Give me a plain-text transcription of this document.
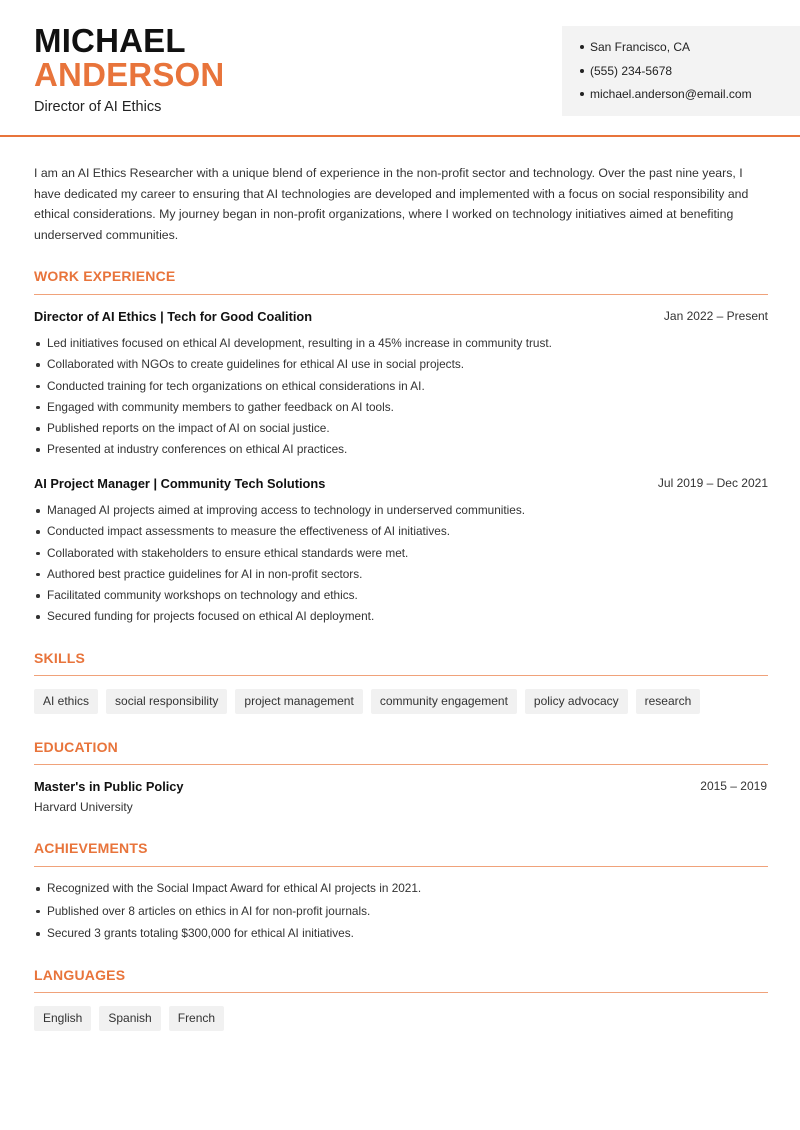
MICHAEL
ANDERSON
Director of AI Ethics
San Francisco, CA
(555) 234-5678
michael.anderson@email.com

I am an AI Ethics Researcher with a unique blend of experience in the non-profit sector and technology. Over the past nine years, I have dedicated my career to ensuring that AI technologies are developed and implemented with a focus on social responsibility and ethical considerations. My journey began in non-profit organizations, where I worked on technology initiatives aimed at benefiting underserved communities.

WORK EXPERIENCE
Director of AI Ethics | Tech for Good Coalition	Jan 2022 – Present
Led initiatives focused on ethical AI development, resulting in a 45% increase in community trust.
Collaborated with NGOs to create guidelines for ethical AI use in social projects.
Conducted training for tech organizations on ethical considerations in AI.
Engaged with community members to gather feedback on AI tools.
Published reports on the impact of AI on social justice.
Presented at industry conferences on ethical AI practices.
AI Project Manager | Community Tech Solutions	Jul 2019 – Dec 2021
Managed AI projects aimed at improving access to technology in underserved communities.
Conducted impact assessments to measure the effectiveness of AI initiatives.
Collaborated with stakeholders to ensure ethical standards were met.
Authored best practice guidelines for AI in non-profit sectors.
Facilitated community workshops on technology and ethics.
Secured funding for projects focused on ethical AI deployment.
SKILLS
AI ethics	social responsibility	project management	community engagement	policy advocacy	research
EDUCATION
Master's in Public Policy	2015 – 2019
Harvard University
ACHIEVEMENTS
Recognized with the Social Impact Award for ethical AI projects in 2021.
Published over 8 articles on ethics in AI for non-profit journals.
Secured 3 grants totaling $300,000 for ethical AI initiatives.
LANGUAGES
English	Spanish	French
